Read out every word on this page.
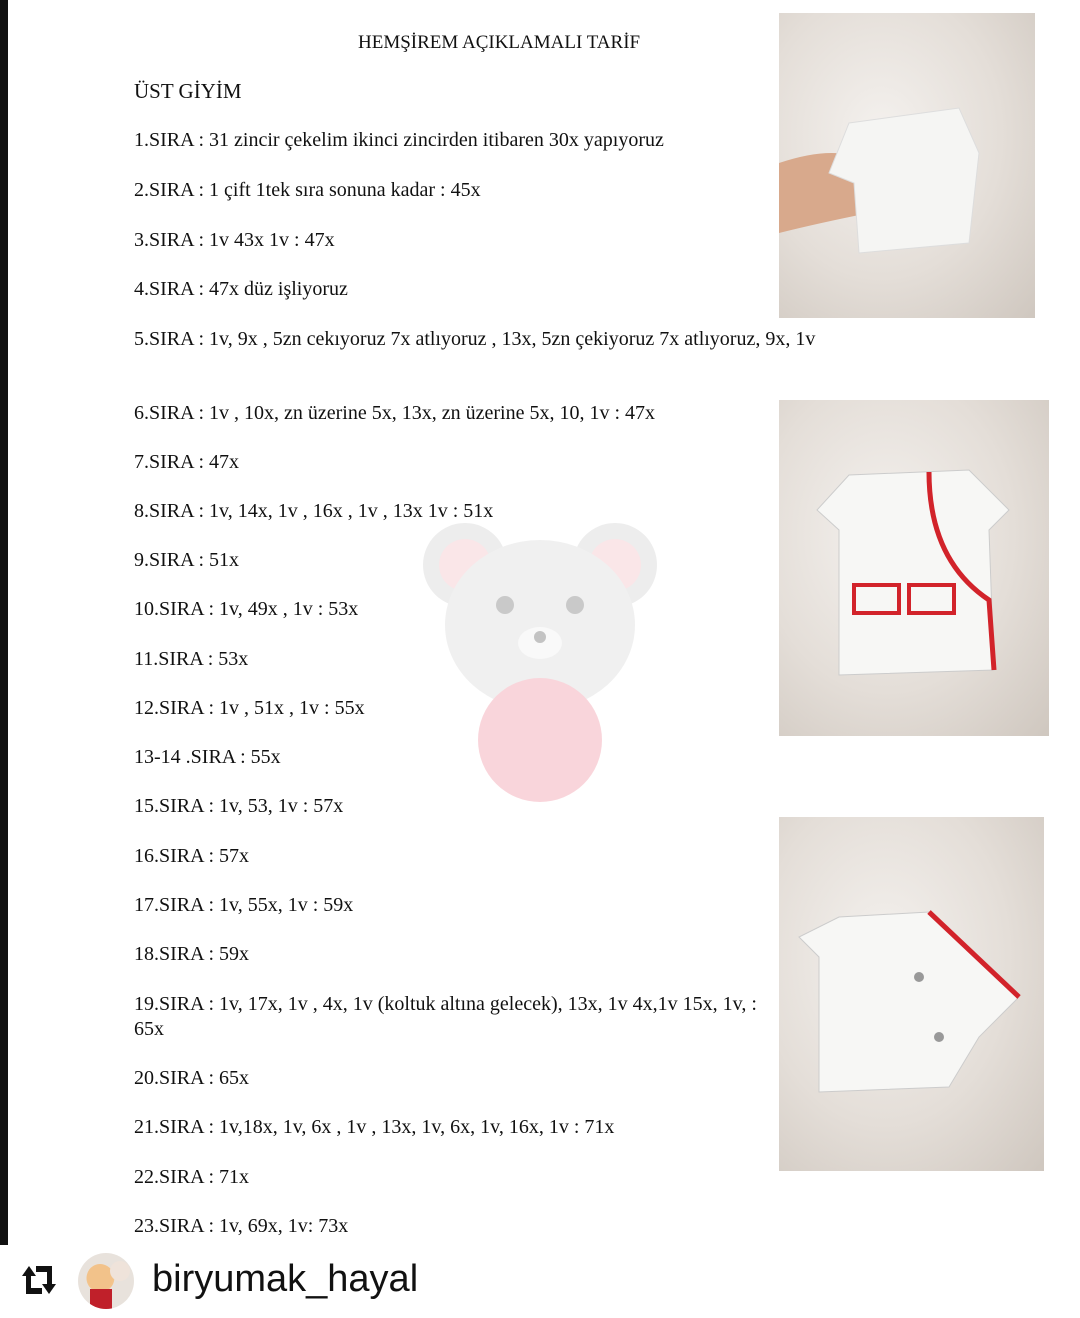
HEMŞİREM AÇIKLAMALI TARİF
ÜST GİYİM
1.SIRA : 31 zincir çekelim ikinci zincirden itibaren 30x yapıyoruz
2.SIRA : 1 çift 1tek sıra sonuna kadar : 45x
3.SIRA : 1v 43x 1v : 47x
4.SIRA : 47x düz işliyoruz
5.SIRA : 1v, 9x , 5zn cekıyoruz 7x atlıyoruz , 13x, 5zn çekiyoruz 7x atlıyoruz, 9x, 1v
6.SIRA : 1v , 10x, zn üzerine 5x, 13x, zn üzerine 5x, 10, 1v : 47x
7.SIRA : 47x
8.SIRA : 1v, 14x, 1v , 16x , 1v , 13x 1v : 51x
9.SIRA : 51x
10.SIRA : 1v, 49x , 1v : 53x
11.SIRA : 53x
12.SIRA : 1v , 51x , 1v : 55x
13-14 .SIRA : 55x
15.SIRA : 1v, 53, 1v : 57x
16.SIRA : 57x
17.SIRA : 1v, 55x, 1v : 59x
18.SIRA : 59x
19.SIRA : 1v, 17x, 1v , 4x, 1v (koltuk altına gelecek), 13x, 1v 4x,1v 15x, 1v, : 65x
20.SIRA : 65x
21.SIRA : 1v,18x, 1v, 6x , 1v , 13x, 1v, 6x, 1v, 16x, 1v : 71x
22.SIRA : 71x
23.SIRA : 1v, 69x, 1v: 73x
biryumak_hayal
